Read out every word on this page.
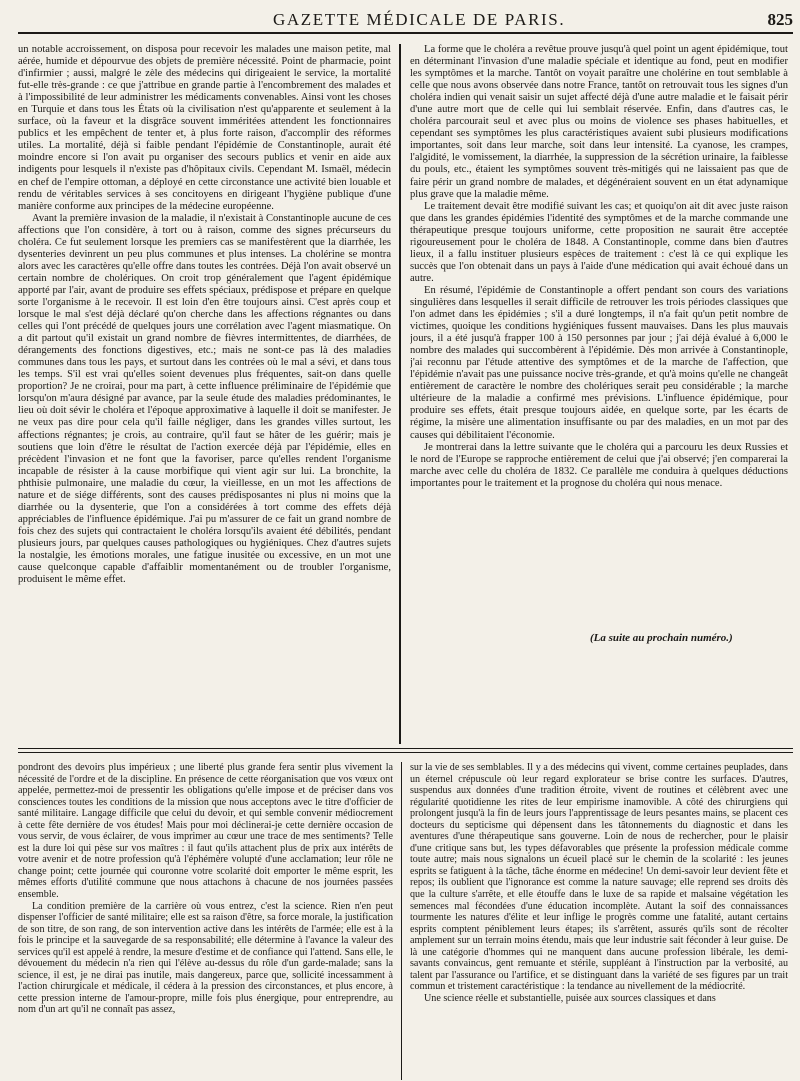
GAZETTE MÉDICALE DE PARIS.	825

un notable accroissement, on disposa pour recevoir les malades une maison petite, mal aérée, humide et dépourvue des objets de première nécessité. Point de pharmacie, point d'infirmier ; aussi, malgré le zèle des médecins qui dirigeaient le service, la mortalité fut-elle très-grande : ce que j'attribue en grande partie à l'encombrement des malades et à l'impossibilité de leur administrer les médicaments convenables. Ainsi vont les choses en Turquie et dans tous les États où la civilisation n'est qu'apparente et seulement à la surface, où la faveur et la disgrâce souvent imméritées attendent les fonctionnaires publics et les empêchent de tenter et, à plus forte raison, d'accomplir des réformes utiles. La mortalité, déjà si faible pendant l'épidémie de Constantinople, aurait été moindre encore si l'on avait pu organiser des secours publics et venir en aide aux indigents pour lesquels il n'existe pas d'hôpitaux civils. Cependant M. Ismaël, médecin en chef de l'empire ottoman, a déployé en cette circonstance une activité bien louable et rendu de véritables services à ses concitoyens en dirigeant l'hygiène publique d'une manière conforme aux principes de la médecine européenne.

Avant la première invasion de la maladie, il n'existait à Constantinople aucune de ces affections que l'on considère, à tort ou à raison, comme des signes précurseurs du choléra. Ce fut seulement lorsque les premiers cas se manifestèrent que la diarrhée, les dysenteries devinrent un peu plus communes et plus intenses. La cholérine se montra alors avec les caractères qu'elle offre dans toutes les contrées. Déjà l'on avait observé un certain nombre de cholériques. On croit trop généralement que l'agent épidémique apporté par l'air, avant de produire ses effets spéciaux, prédispose et prépare en quelque sorte l'organisme à le recevoir. Il est loin d'en être toujours ainsi. C'est après coup et lorsque le mal s'est déjà déclaré qu'on cherche dans les affections régnantes ou dans celles qui l'ont précédé de quelques jours une corrélation avec l'agent miasmatique. On a dit partout qu'il existait un grand nombre de fièvres intermittentes, de diarrhées, de dérangements des fonctions digestives, etc.; mais ne sont-ce pas là des maladies communes dans tous les pays, et surtout dans les contrées où le mal a sévi, et dans tous les temps. S'il est vrai qu'elles soient devenues plus fréquentes, sait-on dans quelle proportion? Je ne croirai, pour ma part, à cette influence préliminaire de l'épidémie que lorsqu'on m'aura désigné par avance, par la seule étude des maladies prédominantes, le lieu où doit sévir le choléra et l'époque approximative à laquelle il doit se manifester. Je ne veux pas dire pour cela qu'il faille négliger, dans les grandes villes surtout, les affections régnantes; je crois, au contraire, qu'il faut se hâter de les guérir; mais je soutiens que loin d'être le résultat de l'action exercée déjà par l'épidémie, elles en précèdent l'invasion et ne font que la favoriser, parce qu'elles rendent l'organisme incapable de résister à la cause morbifique qui vient agir sur lui. La bronchite, la phthisie pulmonaire, une maladie du cœur, la vieillesse, en un mot les affections de nature et de siége différents, sont des causes prédisposantes ni plus ni moins que la diarrhée ou la dysenterie, que l'on a considérées à tort comme des effets déjà appréciables de l'influence épidémique. J'ai pu m'assurer de ce fait un grand nombre de fois chez des sujets qui contractaient le choléra lorsqu'ils avaient été débilités, pendant plusieurs jours, par quelques causes pathologiques ou hygiéniques. Chez d'autres sujets la nostalgie, les émotions morales, une fatigue inusitée ou excessive, en un mot une cause quelconque capable d'affaiblir momentanément ou de troubler l'organisme, produisent le même effet.

La forme que le choléra a revêtue prouve jusqu'à quel point un agent épidémique, tout en déterminant l'invasion d'une maladie spéciale et identique au fond, peut en modifier les symptômes et la marche. Tantôt on voyait paraître une cholérine en tout semblable à celle que nous avons observée dans notre France, tantôt on retrouvait tous les signes d'un choléra indien qui venait saisir un sujet affecté déjà d'une autre maladie et le faisait périr d'une autre mort que de celle qui lui semblait réservée. Enfin, dans d'autres cas, le choléra parcourait seul et avec plus ou moins de violence ses phases habituelles, et cependant ses symptômes les plus caractéristiques avaient subi plusieurs modifications importantes, soit dans leur marche, soit dans leur intensité. La cyanose, les crampes, l'algidité, le vomissement, la diarrhée, la suppression de la sécrétion urinaire, la faiblesse du pouls, etc., étaient les symptômes souvent très-mitigés qui ne laissaient pas que de faire périr un grand nombre de malades, et dégénéraient souvent en un état adynamique plus grave que la maladie même.

Le traitement devait être modifié suivant les cas; et quoiqu'on ait dit avec juste raison que dans les grandes épidémies l'identité des symptômes et de la marche commande une thérapeutique presque toujours uniforme, cette proposition ne saurait être acceptée rigoureusement pour le choléra de 1848. A Constantinople, comme dans bien d'autres lieux, il a fallu instituer plusieurs espèces de traitement : c'est là ce qui explique les succès que l'on obtenait dans un pays à l'aide d'une médication qui avait échoué dans un autre.

En résumé, l'épidémie de Constantinople a offert pendant son cours des variations singulières dans lesquelles il serait difficile de retrouver les trois périodes classiques que l'on admet dans les épidémies ; s'il a duré longtemps, il n'a fait qu'un petit nombre de victimes, quoique les conditions hygiéniques fussent mauvaises. Dans les plus mauvais jours, il a été jusqu'à frapper 100 à 150 personnes par jour ; j'ai déjà évalué à 6,000 le nombre des malades qui succombèrent à l'épidémie. Dès mon arrivée à Constantinople, j'ai reconnu par l'étude attentive des symptômes et de la marche de l'affection, que l'épidémie n'avait pas une puissance nocive très-grande, et qu'à moins qu'elle ne changeât entièrement de caractère le nombre des cholériques serait peu considérable ; la marche ultérieure de la maladie a confirmé mes prévisions. L'influence épidémique, pour produire ses effets, était presque toujours aidée, en quelque sorte, par les écarts de régime, la misère une alimentation insuffisante ou par des maladies, en un mot par des causes qui débilitaient l'économie.

Je montrerai dans la lettre suivante que le choléra qui a parcouru les deux Russies et le nord de l'Europe se rapproche entièrement de celui que j'ai observé; j'en comparerai la marche avec celle du choléra de 1832. Ce parallèle me conduira à quelques déductions importantes pour le traitement et la prognose du choléra qui nous menace.

(La suite au prochain numéro.)

pondront des devoirs plus impérieux ; une liberté plus grande fera sentir plus vivement la nécessité de l'ordre et de la discipline. En présence de cette réorganisation que vos vœux ont appelée, permettez-moi de pressentir les obligations qu'elle impose et de préciser dans vos consciences toutes les conditions de la mission que nous acceptons avec le titre d'officier de santé militaire. Langage difficile que celui du devoir, et qui semble convenir médiocrement à cette fête dernière de vos études! Mais pour moi déclinerai-je cette dernière occasion de vous servir, de vous éclairer, de vous imprimer au cœur une trace de mes sentiments? Telle est la dure loi qui pèse sur vos maîtres : il faut qu'ils attachent plus de prix aux intérêts de votre avenir et de notre profession qu'à l'éphémère volupté d'une acclamation; leur rôle ne change point; cette journée qui couronne votre scolarité doit emporter le même esprit, les mêmes efforts d'utilité commune que nous attachons à chacune de nos journées passées ensemble.

La condition première de la carrière où vous entrez, c'est la science. Rien n'en peut dispenser l'officier de santé militaire; elle est sa raison d'être, sa force morale, la justification de son titre, de son rang, de son intervention active dans les intérêts de l'armée; elle est à la fois le principe et la sauvegarde de sa responsabilité; elle détermine à l'avance la valeur des services qu'il est appelé à rendre, la mesure d'estime et de confiance qui l'attend. Sans elle, le dévouement du médecin n'a rien qui l'élève au-dessus du rôle d'un garde-malade; sans la science, il est, je ne dirai pas inutile, mais dangereux, parce que, sollicité incessamment à l'action chirurgicale et médicale, il cédera à la pression des circonstances, et plus encore, à cette pression interne de l'amour-propre, mille fois plus énergique, pour entreprendre, au nom d'un art qu'il ne connaît pas assez,

sur la vie de ses semblables. Il y a des médecins qui vivent, comme certaines peuplades, dans un éternel crépuscule où leur regard explorateur se brise contre les surfaces. D'autres, suspendus aux données d'une tradition étroite, vivent de routines et célèbrent avec une régularité quotidienne les rites de leur empirisme inamovible. A côté des chirurgiens qui prolongent jusqu'à la fin de leurs jours l'apprentissage de leurs pesantes mains, se placent ces docteurs du septicisme qui dépensent dans les tâtonnements du diagnostic et dans les aventures d'une thérapeutique sans gouverne. Loin de nous de rechercher, pour le plaisir d'une critique sans but, les types défavorables que présente la profession médicale comme toute autre; mais nous signalons un écueil placé sur le chemin de la scolarité : les jeunes esprits se fatiguent à la tâche, tâche énorme en médecine! Un demi-savoir leur devient fête et repos; ils oublient que l'ignorance est comme la nature sauvage; elle reprend ses droits dès que la culture s'arrête, et elle étouffe dans le luxe de sa rapide et malsaine végétation les semences mal fécondées d'une éducation incomplète. Autant la soif des connaissances tourmente les natures d'élite et leur inflige le progrès comme une fatalité, autant certains esprits comptent péniblement leurs étapes; ils s'arrêtent, assurés qu'ils sont de récolter amplement sur un terrain moins étendu, mais que leur industrie sait féconder à leur guise. De là une catégorie d'hommes qui ne manquent dans aucune profession libérale, les demi-savants convaincus, gent remuante et stérile, suppléant à l'instruction par la verbosité, au talent par l'assurance ou l'artifice, et se distinguant dans la variété de ses figures par un trait commun et tristement caractéristique : la tendance au nivellement de la médiocrité.

Une science réelle et substantielle, puisée aux sources classiques et dans
